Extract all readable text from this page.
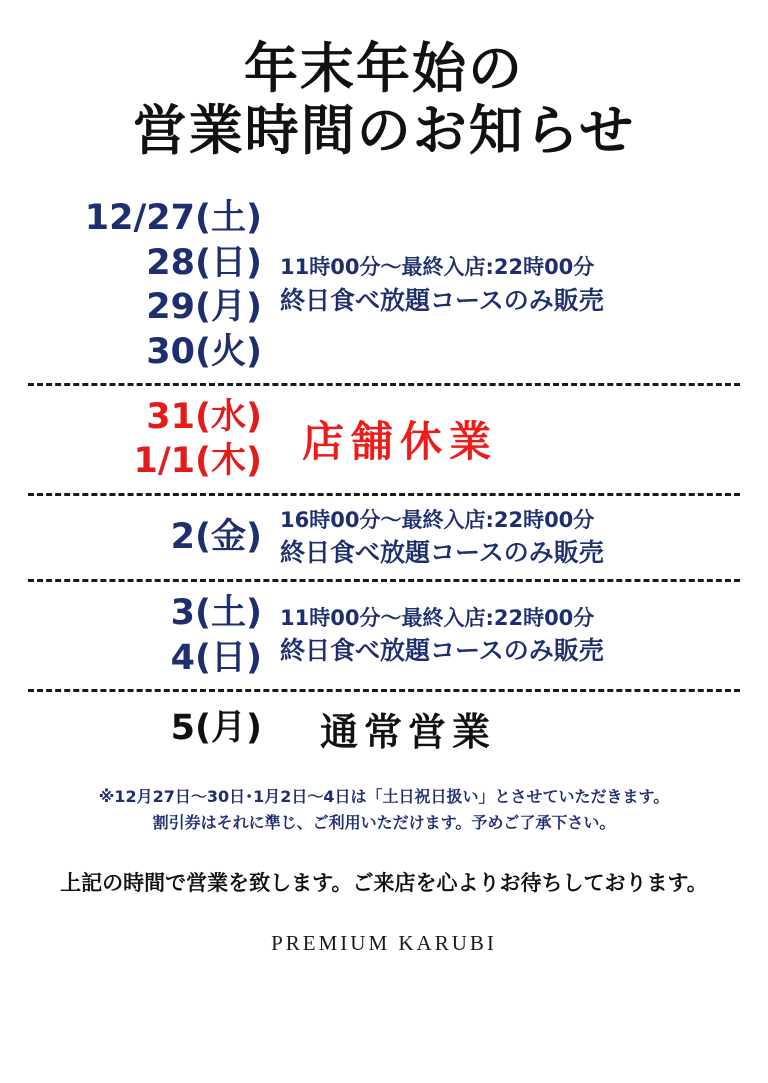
年末年始の
営業時間のお知らせ
12/27(土)
28(日)
29(月)
30(火)
11時00分〜最終入店:22時00分
終日食べ放題コースのみ販売
31(水)
1/1(木) 店舗休業
2(金) 16時00分〜最終入店:22時00分
終日食べ放題コースのみ販売
3(土)
4(日)
11時00分〜最終入店:22時00分
終日食べ放題コースのみ販売
5(月)	通常営業
※12月27日〜30日･1月2日〜4日は「土日祝日扱い」とさせていただきます。
割引券はそれに準じ、ご利用いただけます。予めご了承下さい。
上記の時間で営業を致します。ご来店を心よりお待ちしております。
PREMIUM KARUBI
